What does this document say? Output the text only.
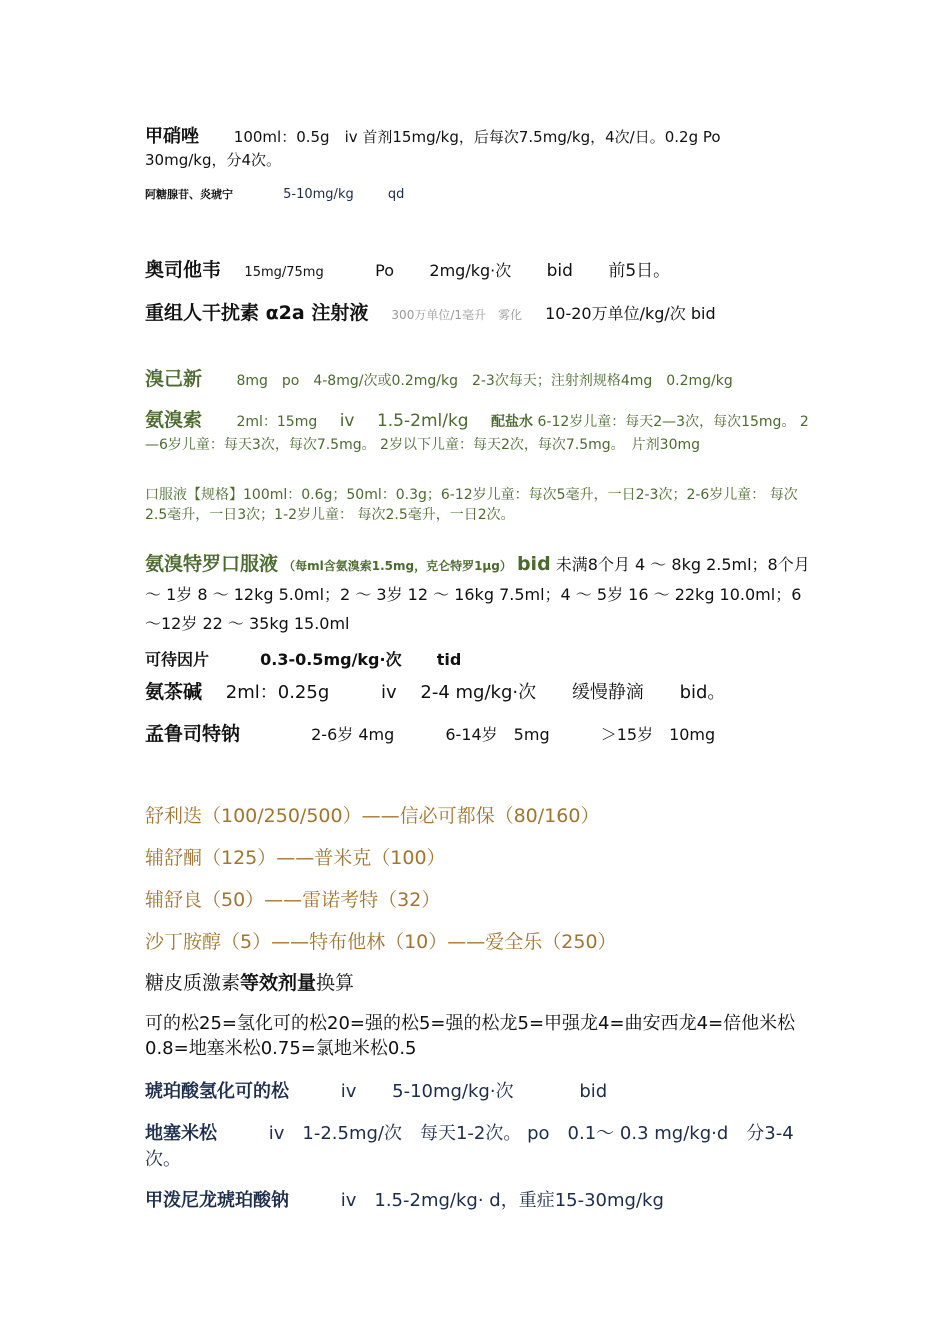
甲硝唑 100ml：0.5g　iv 首剂15mg/kg，后每次7.5mg/kg，4次/日。0.2g Po　30mg/kg，分4次。

阿糖腺苷、炎琥宁	5-10mg/kg	qd

奥司他韦 15mg/75mg	Po 2mg/kg·次 bid 前5日。

重组人干扰素 α2a 注射液 300万单位/1毫升　雾化 10-20万单位/kg/次 bid

溴己新 8mg　po　4-8mg/次或0.2mg/kg　2-3次每天；注射剂规格4mg　0.2mg/kg

氨溴索 2ml：15mg iv 1.5-2ml/kg 配盐水 6-12岁儿童：每天2—3次，每次15mg。 2—6岁儿童：每天3次，每次7.5mg。 2岁以下儿童：每天2次，每次7.5mg。　片剂30mg

口服液【规格】100ml：0.6g；50ml：0.3g；6-12岁儿童：每次5毫升，一日2-3次；2-6岁儿童： 每次2.5毫升，一日3次；1-2岁儿童： 每次2.5毫升，一日2次。

氨溴特罗口服液 （每ml含氨溴索1.5mg，克仑特罗1μg） bid 未满8个月 4 ～ 8kg 2.5ml；8个月～ 1岁 8 ～ 12kg 5.0ml；2 ～ 3岁 12 ～ 16kg 7.5ml；4 ～ 5岁 16 ～ 22kg 10.0ml；6 ～12岁 22 ～ 35kg 15.0ml

可待因片	0.3-0.5mg/kg·次 tid

氨茶碱 2ml：0.25g	iv 2-4 mg/kg·次 缓慢静滴 bid。

孟鲁司特钠	2-6岁 4mg	6-14岁　5mg	＞15岁　10mg

舒利迭（100/250/500）——信必可都保（80/160）

辅舒酮（125）——普米克（100）

辅舒良（50）——雷诺考特（32）

沙丁胺醇（5）——特布他林（10）——爱全乐（250）

糖皮质激素等效剂量换算

可的松25=氢化可的松20=强的松5=强的松龙5=甲强龙4=曲安西龙4=倍他米松0.8=地塞米松0.75=氯地米松0.5

琥珀酸氢化可的松	iv 5-10mg/kg·次	bid

地塞米松	iv　1-2.5mg/次　每天1-2次。 po　0.1～ 0.3 mg/kg·d　分3-4次。

甲泼尼龙琥珀酸钠	iv　1.5-2mg/kg· d，重症15-30mg/kg
